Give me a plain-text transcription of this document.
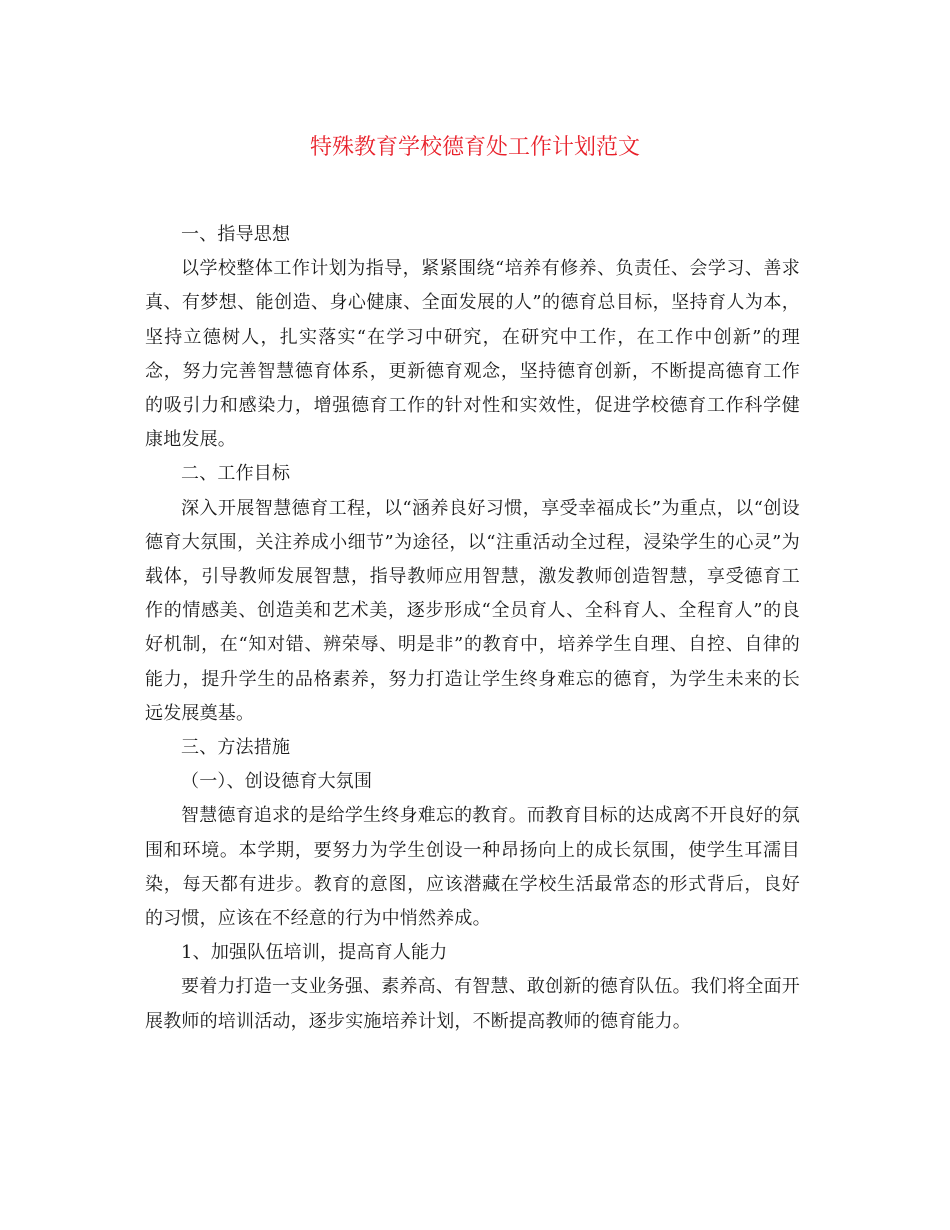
特殊教育学校德育处工作计划范文

一、指导思想

以学校整体工作计划为指导，紧紧围绕“培养有修养、负责任、会学习、善求真、有梦想、能创造、身心健康、全面发展的人”的德育总目标，坚持育人为本，坚持立德树人，扎实落实“在学习中研究，在研究中工作，在工作中创新”的理念，努力完善智慧德育体系，更新德育观念，坚持德育创新，不断提高德育工作的吸引力和感染力，增强德育工作的针对性和实效性，促进学校德育工作科学健康地发展。

二、工作目标

深入开展智慧德育工程，以“涵养良好习惯，享受幸福成长”为重点，以“创设德育大氛围，关注养成小细节”为途径，以“注重活动全过程，浸染学生的心灵”为载体，引导教师发展智慧，指导教师应用智慧，激发教师创造智慧，享受德育工作的情感美、创造美和艺术美，逐步形成“全员育人、全科育人、全程育人”的良好机制，在“知对错、辨荣辱、明是非”的教育中，培养学生自理、自控、自律的能力，提升学生的品格素养，努力打造让学生终身难忘的德育，为学生未来的长远发展奠基。

三、方法措施

（一）、创设德育大氛围

智慧德育追求的是给学生终身难忘的教育。而教育目标的达成离不开良好的氛围和环境。本学期，要努力为学生创设一种昂扬向上的成长氛围，使学生耳濡目染，每天都有进步。教育的意图，应该潜藏在学校生活最常态的形式背后，良好的习惯，应该在不经意的行为中悄然养成。

1、加强队伍培训，提高育人能力

要着力打造一支业务强、素养高、有智慧、敢创新的德育队伍。我们将全面开展教师的培训活动，逐步实施培养计划，不断提高教师的德育能力。
